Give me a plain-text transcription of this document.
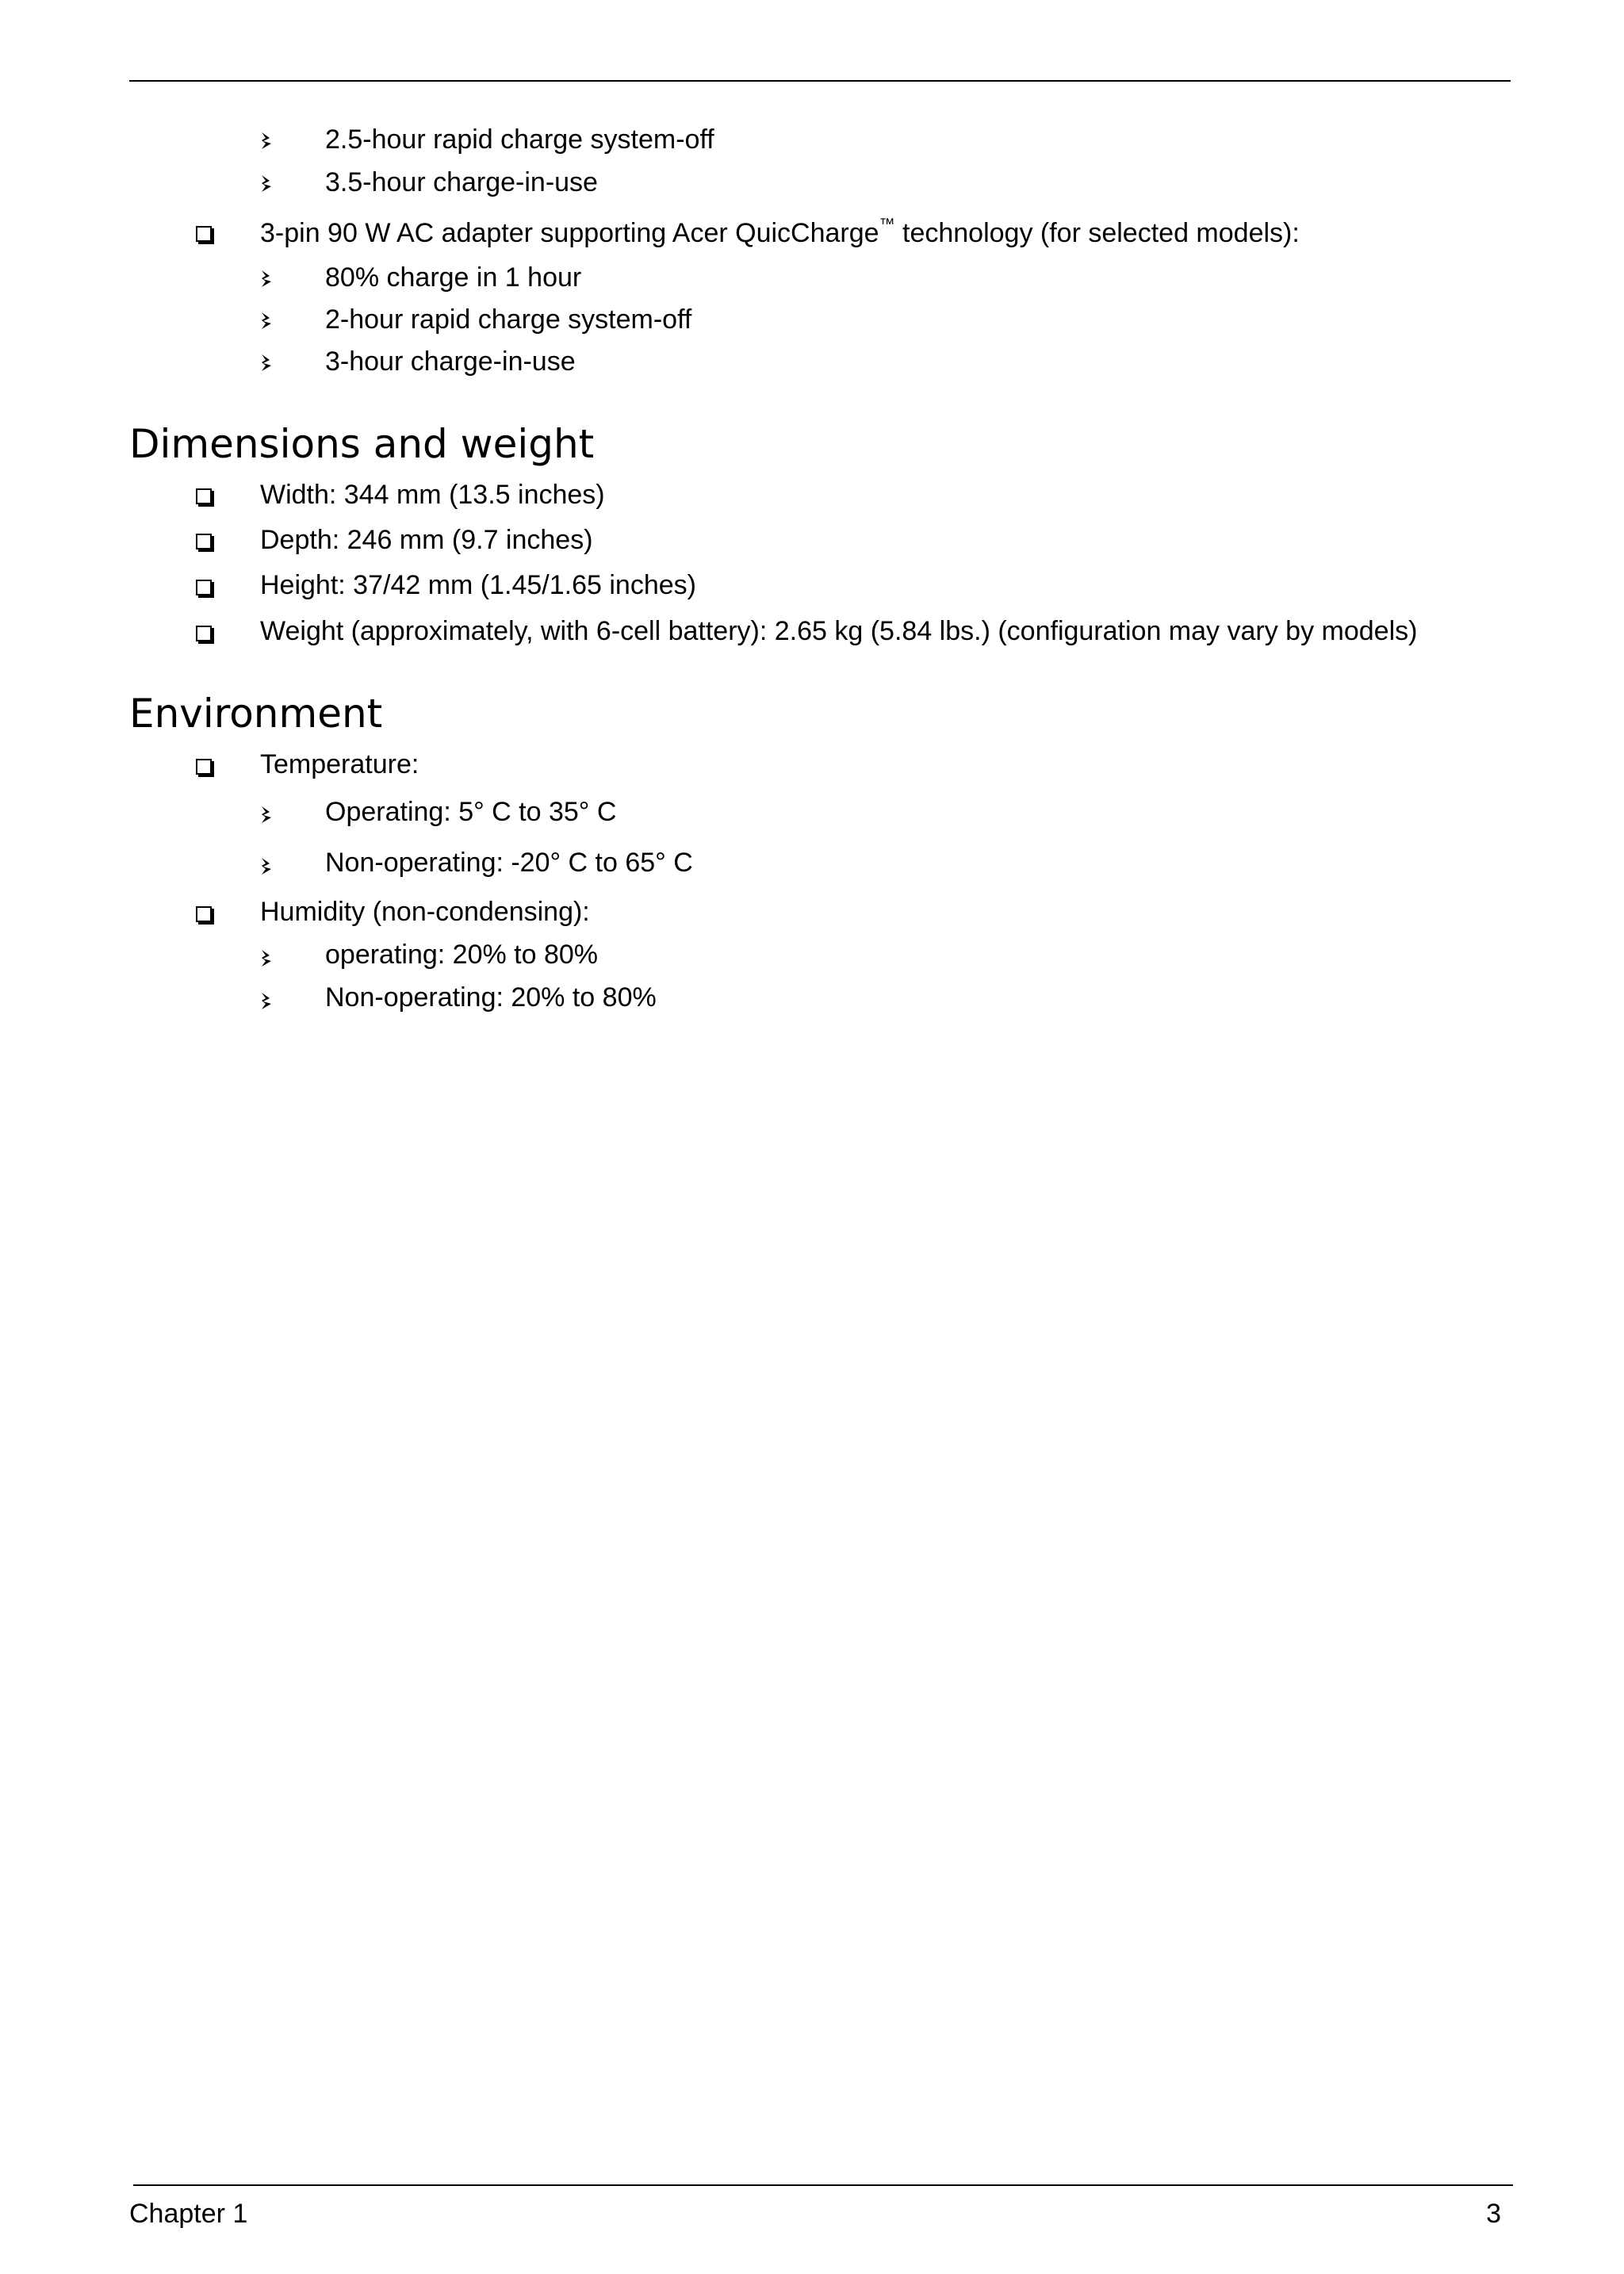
2.5-hour rapid charge system-off
3.5-hour charge-in-use
3-pin 90 W AC adapter supporting Acer QuicCharge™ technology (for selected models):
80% charge in 1 hour
2-hour rapid charge system-off
3-hour charge-in-use
Dimensions and weight
Width: 344 mm (13.5 inches)
Depth: 246 mm (9.7 inches)
Height: 37/42 mm (1.45/1.65 inches)
Weight (approximately, with 6-cell battery): 2.65 kg (5.84 lbs.) (configuration may vary by models)
Environment
Temperature:
Operating: 5° C to 35° C
Non-operating: -20° C to 65° C
Humidity (non-condensing):
operating: 20% to 80%
Non-operating: 20% to 80%
Chapter 1	3
